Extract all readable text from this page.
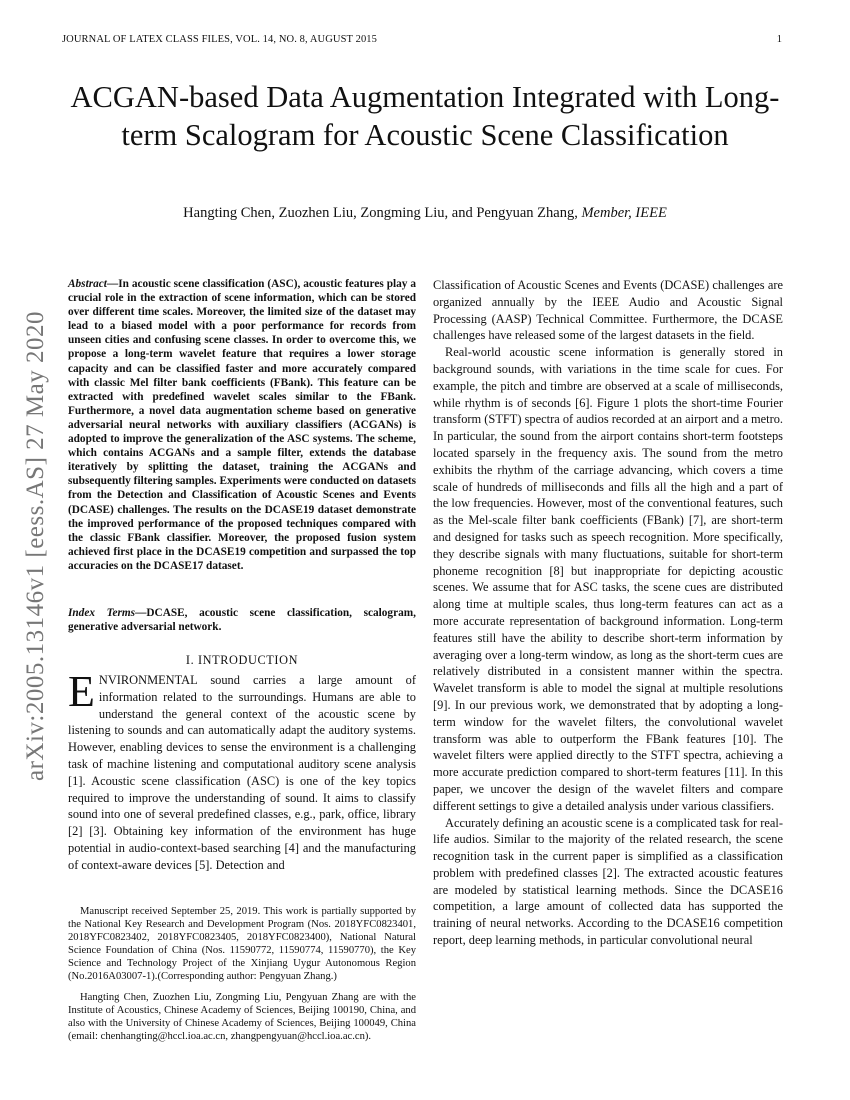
JOURNAL OF LATEX CLASS FILES, VOL. 14, NO. 8, AUGUST 2015	1
ACGAN-based Data Augmentation Integrated with Long-term Scalogram for Acoustic Scene Classification
Hangting Chen, Zuozhen Liu, Zongming Liu, and Pengyuan Zhang, Member, IEEE
arXiv:2005.13146v1 [eess.AS] 27 May 2020
Abstract—In acoustic scene classification (ASC), acoustic features play a crucial role in the extraction of scene information, which can be stored over different time scales. Moreover, the limited size of the dataset may lead to a biased model with a poor performance for records from unseen cities and confusing scene classes. In order to overcome this, we propose a long-term wavelet feature that requires a lower storage capacity and can be classified faster and more accurately compared with classic Mel filter bank coefficients (FBank). This feature can be extracted with predefined wavelet scales similar to the FBank. Furthermore, a novel data augmentation scheme based on generative adversarial neural networks with auxiliary classifiers (ACGANs) is adopted to improve the generalization of the ASC systems. The scheme, which contains ACGANs and a sample filter, extends the database iteratively by splitting the dataset, training the ACGANs and subsequently filtering samples. Experiments were conducted on datasets from the Detection and Classification of Acoustic Scenes and Events (DCASE) challenges. The results on the DCASE19 dataset demonstrate the improved performance of the proposed techniques compared with the classic FBank classifier. Moreover, the proposed fusion system achieved first place in the DCASE19 competition and surpassed the top accuracies on the DCASE17 dataset.
Index Terms—DCASE, acoustic scene classification, scalogram, generative adversarial network.
I. INTRODUCTION
ENVIRONMENTAL sound carries a large amount of information related to the surroundings. Humans are able to understand the general context of the acoustic scene by listening to sounds and can automatically adapt the auditory systems. However, enabling devices to sense the environment is a challenging task of machine listening and computational auditory scene analysis [1]. Acoustic scene classification (ASC) is one of the key topics required to improve the understanding of sound. It aims to classify sound into one of several predefined classes, e.g., park, office, library [2] [3]. Obtaining key information of the environment has huge potential in audio-context-based searching [4] and the manufacturing of context-aware devices [5]. Detection and

Manuscript received September 25, 2019. This work is partially supported by the National Key Research and Development Program (Nos. 2018YFC0823401, 2018YFC0823402, 2018YFC0823405, 2018YFC0823400), National Natural Science Foundation of China (Nos. 11590772, 11590774, 11590770), the Key Science and Technology Project of the Xinjiang Uygur Autonomous Region (No.2016A03007-1).(Corresponding author: Pengyuan Zhang.)

Hangting Chen, Zuozhen Liu, Zongming Liu, Pengyuan Zhang are with the Institute of Acoustics, Chinese Academy of Sciences, Beijing 100190, China, and also with the University of Chinese Academy of Sciences, Beijing 100049, China (email: chenhangting@hccl.ioa.ac.cn, zhangpengyuan@hccl.ioa.ac.cn).

Classification of Acoustic Scenes and Events (DCASE) challenges are organized annually by the IEEE Audio and Acoustic Signal Processing (AASP) Technical Committee. Furthermore, the DCASE challenges have released some of the largest datasets in the field.

Real-world acoustic scene information is generally stored in background sounds, with variations in the time scale for cues. For example, the pitch and timbre are observed at a scale of milliseconds, while rhythm is of seconds [6]. Figure 1 plots the short-time Fourier transform (STFT) spectra of audios recorded at an airport and a metro. In particular, the sound from the airport contains short-term footsteps located sparsely in the frequency axis. The sound from the metro exhibits the rhythm of the carriage advancing, which covers a time scale of hundreds of milliseconds and fills all the high and a part of the low frequencies. However, most of the conventional features, such as the Mel-scale filter bank coefficients (FBank) [7], are short-term and designed for tasks such as speech recognition. More specifically, they describe signals with many fluctuations, suitable for short-term phoneme recognition [8] but inappropriate for depicting acoustic scenes. We assume that for ASC tasks, the scene cues are distributed along time at multiple scales, thus long-term features can act as a more accurate representation of background information. Long-term features still have the ability to describe short-term information by averaging over a long-term window, as long as the short-term cues are relatively distributed in a consistent manner within the spectra. Wavelet transform is able to model the signal at multiple resolutions [9]. In our previous work, we demonstrated that by adopting a long-term window for the wavelet filters, the convolutional wavelet transform was able to outperform the FBank features [10]. The wavelet filters were applied directly to the STFT spectra, achieving a more accurate prediction compared to short-term features [11]. In this paper, we uncover the design of the wavelet filters and compare different settings to give a detailed analysis under various classifiers.

Accurately defining an acoustic scene is a complicated task for real-life audios. Similar to the majority of the related research, the scene recognition task in the current paper is simplified as a classification problem with predefined classes [2]. The extracted acoustic features are modeled by statistical learning methods. Since the DCASE16 competition, a large amount of collected data has supported the training of neural networks. According to the DCASE16 competition report, deep learning methods, in particular convolutional neural
